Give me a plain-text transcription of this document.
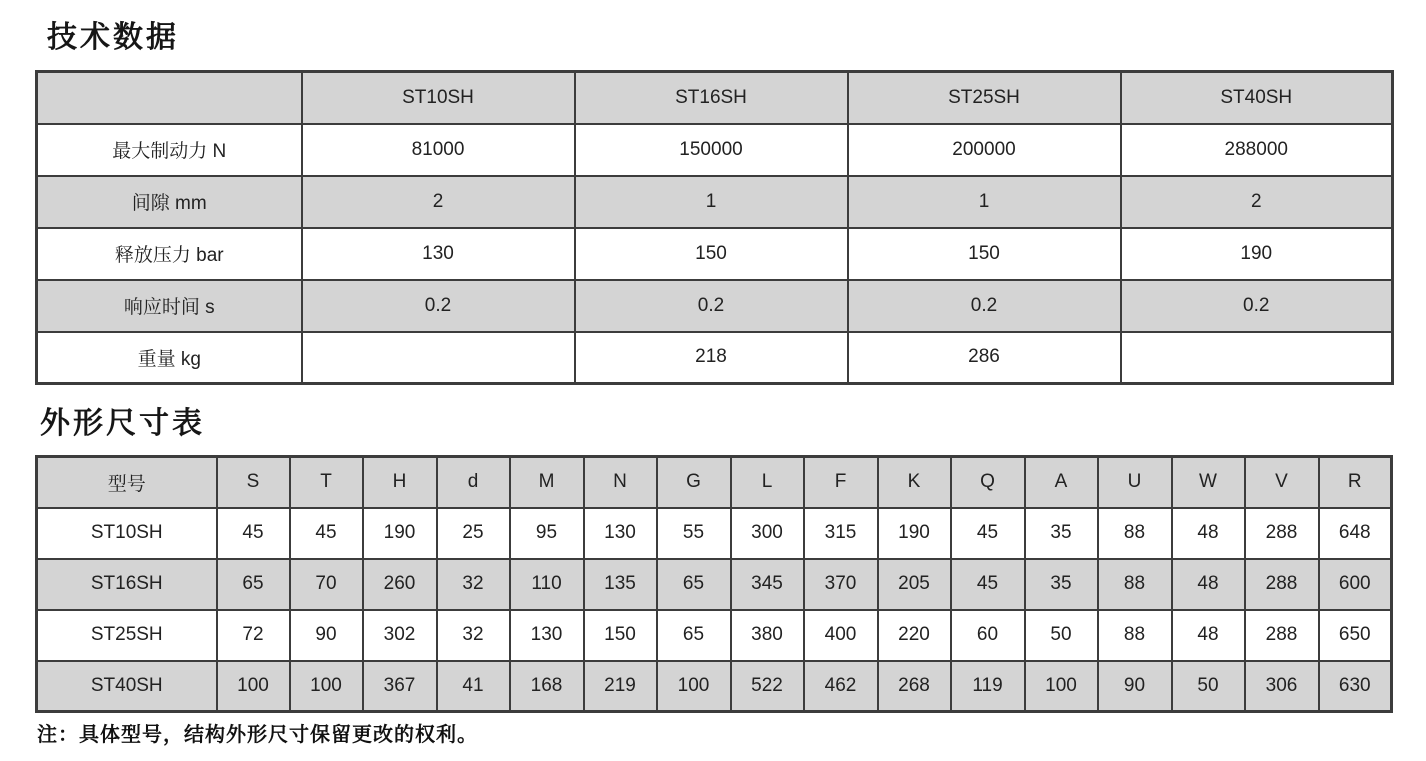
技术数据
	ST10SH	ST16SH	ST25SH	ST40SH
最大制动力 N	81000	150000	200000	288000
间隙 mm	2	1	1	2
释放压力 bar	130	150	150	190
响应时间 s	0.2	0.2	0.2	0.2
重量 kg		218	286	
外形尺寸表
型号	S	T	H	d	M	N	G	L	F	K	Q	A	U	W	V	R
ST10SH	45	45	190	25	95	130	55	300	315	190	45	35	88	48	288	648
ST16SH	65	70	260	32	110	135	65	345	370	205	45	35	88	48	288	600
ST25SH	72	90	302	32	130	150	65	380	400	220	60	50	88	48	288	650
ST40SH	100	100	367	41	168	219	100	522	462	268	119	100	90	50	306	630
注：具体型号，结构外形尺寸保留更改的权利。
